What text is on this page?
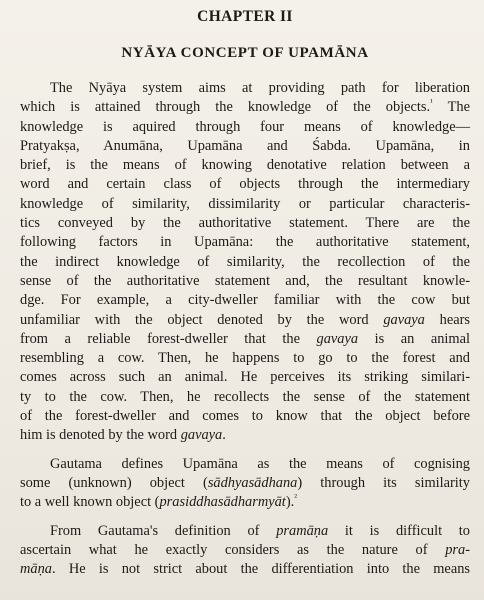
CHAPTER II
NYĀYA CONCEPT OF UPAMĀNA
The Nyāya system aims at providing path for liberation
which is attained through the knowledge of the objects.$^{^1}$ The
knowledge is aquired through four means of knowledge—
Pratyakṣa, Anumāna, Upamāna and Śabda. Upamāna, in
brief, is the means of knowing denotative relation between a
word and certain class of objects through the intermediary
knowledge of similarity, dissimilarity or particular characteris-
tics conveyed by the authoritative statement. There are the
following factors in Upamāna: the authoritative statement,
the indirect knowledge of similarity, the recollection of the
sense of the authoritative statement and, the resultant knowle-
dge. For example, a city-dweller familiar with the cow but
unfamiliar with the object denoted by the word gavaya hears
from a reliable forest-dweller that the gavaya is an animal
resembling a cow. Then, he happens to go to the forest and
comes across such an animal. He perceives its striking similari-
ty to the cow. Then, he recollects the sense of the statement
of the forest-dweller and comes to know that the object before
him is denoted by the word gavaya.
Gautama defines Upamāna as the means of cognising
some (unknown) object (sādhyasādhana) through its similarity
to a well known object (prasiddhasādharmyāt).$^{^2}$
From Gautama's definition of pramāṇa it is difficult to
ascertain what he exactly considers as the nature of pra-
māṇa. He is not strict about the differentiation into the means
